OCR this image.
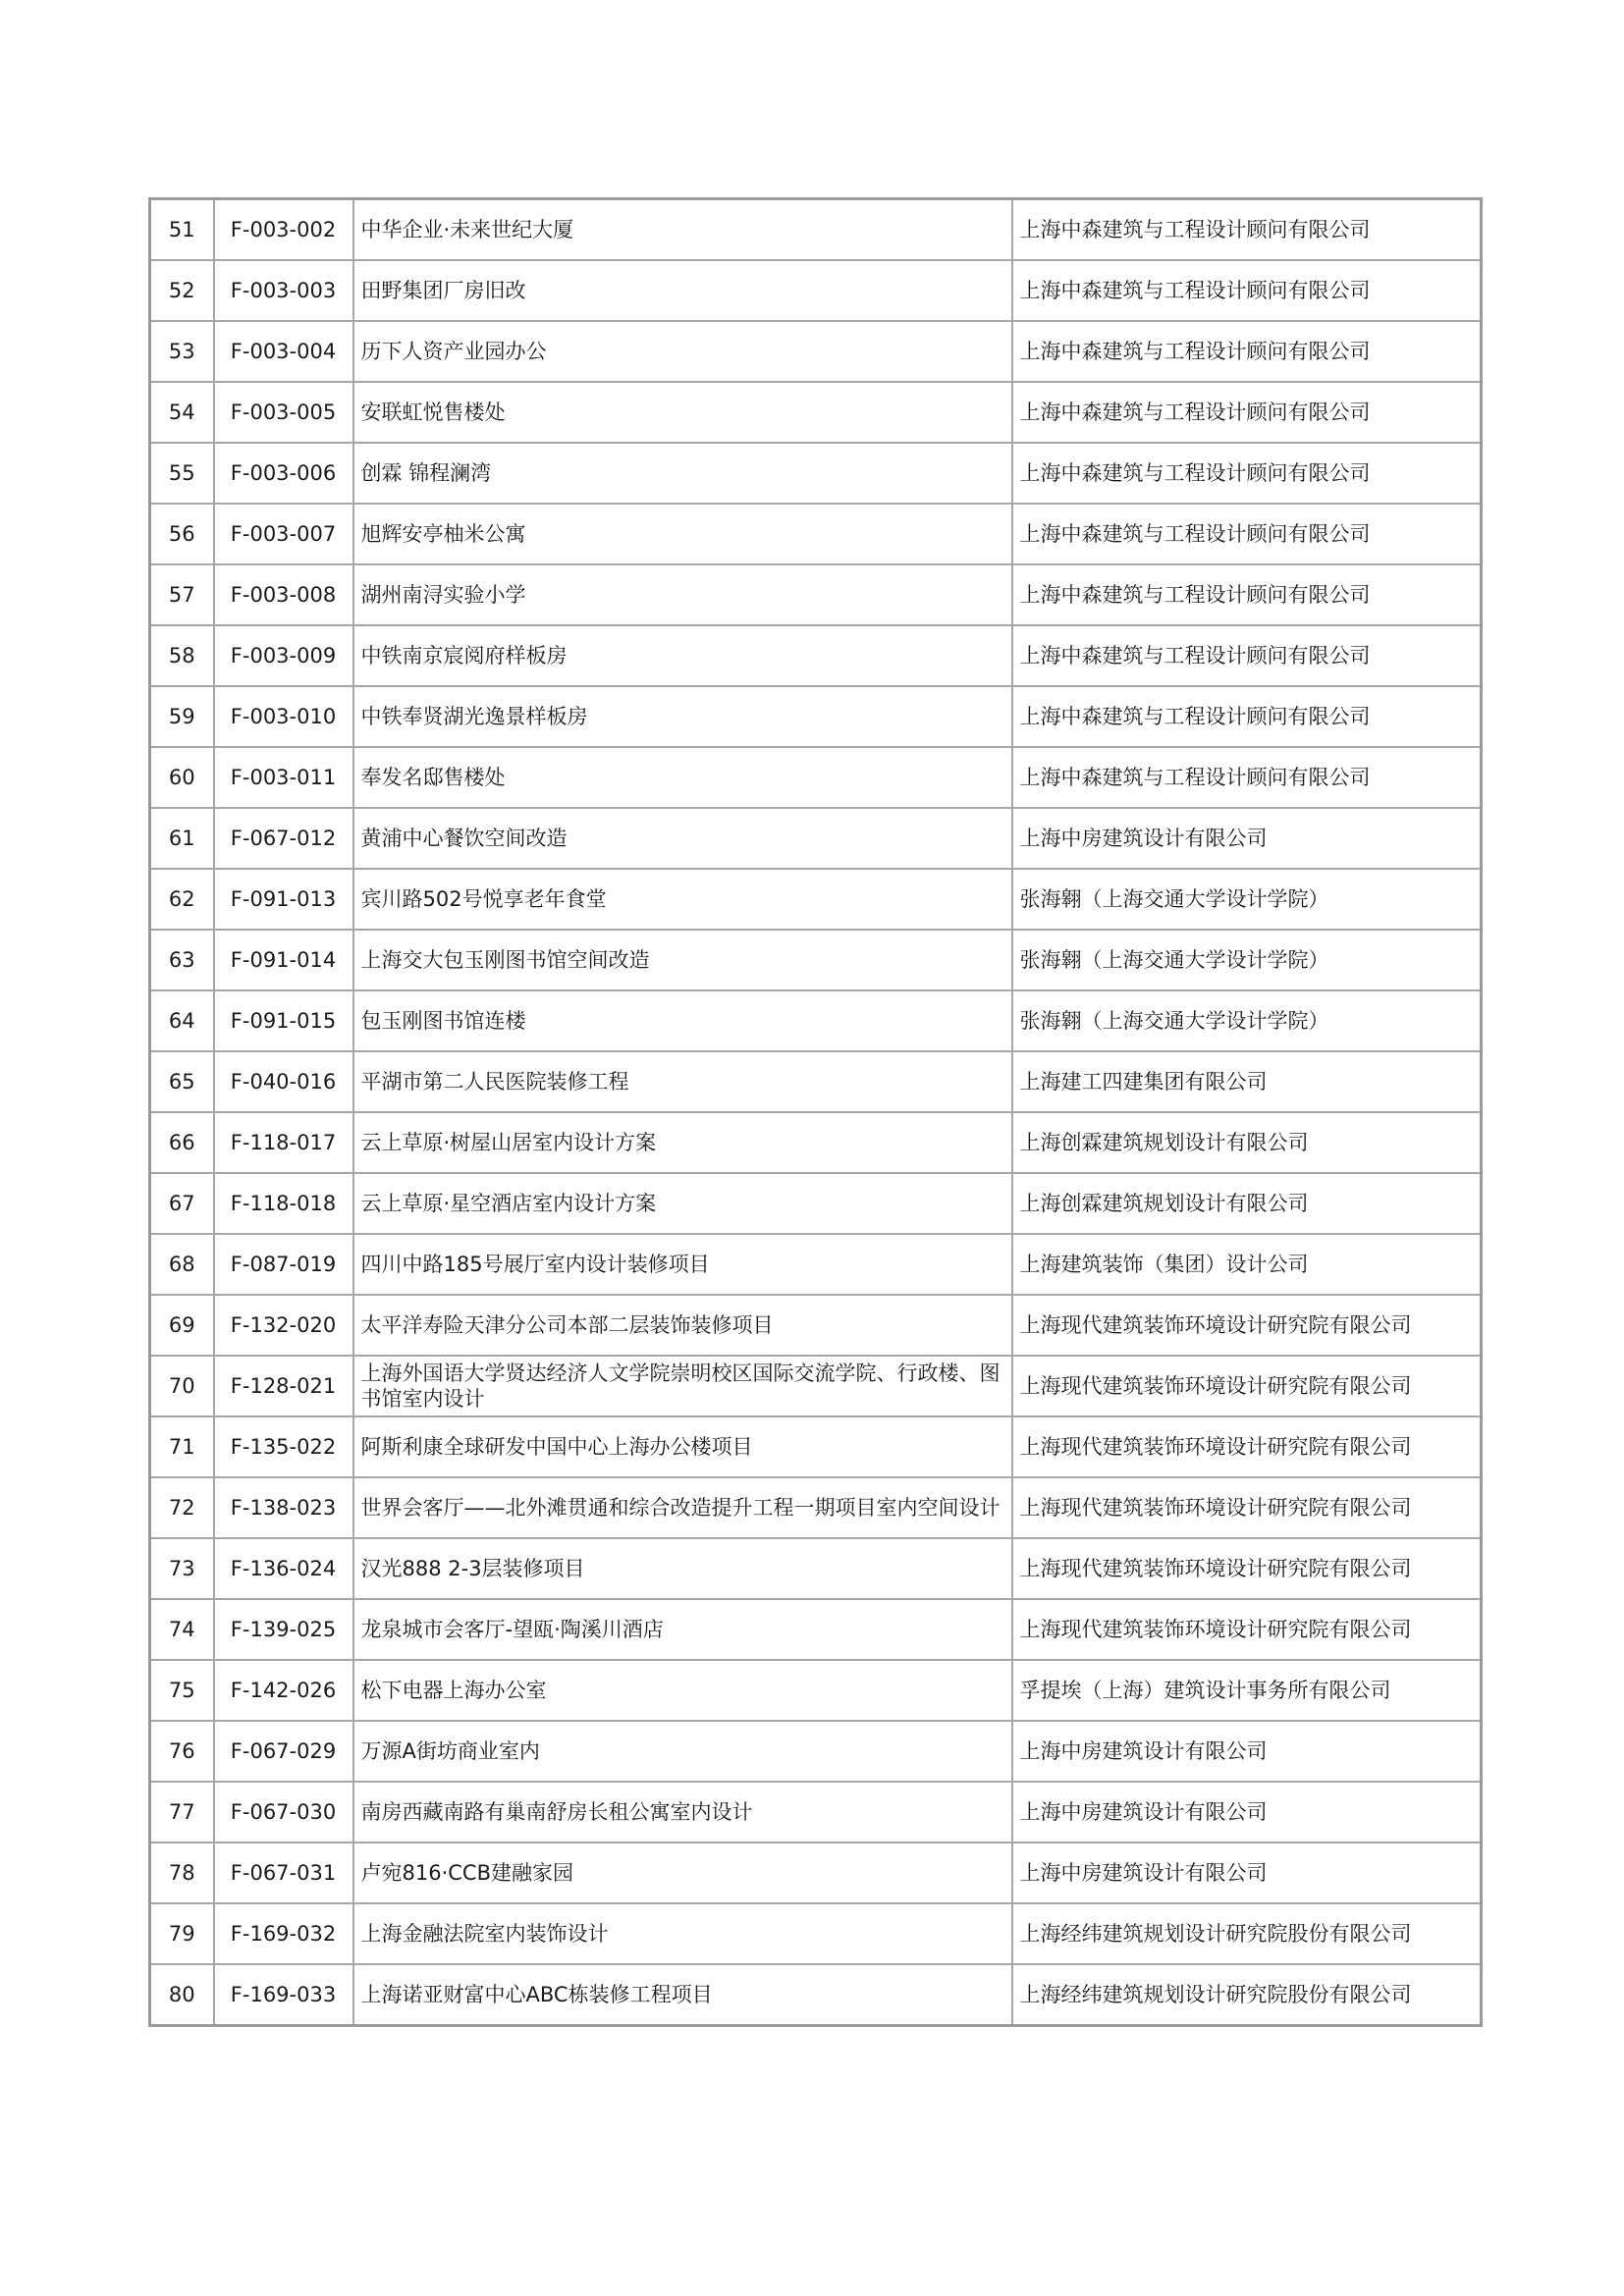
51	F-003-002	中华企业·未来世纪大厦	上海中森建筑与工程设计顾问有限公司
52	F-003-003	田野集团厂房旧改	上海中森建筑与工程设计顾问有限公司
53	F-003-004	历下人资产业园办公	上海中森建筑与工程设计顾问有限公司
54	F-003-005	安联虹悦售楼处	上海中森建筑与工程设计顾问有限公司
55	F-003-006	创霖 锦程澜湾	上海中森建筑与工程设计顾问有限公司
56	F-003-007	旭辉安亭柚米公寓	上海中森建筑与工程设计顾问有限公司
57	F-003-008	湖州南浔实验小学	上海中森建筑与工程设计顾问有限公司
58	F-003-009	中铁南京宸阅府样板房	上海中森建筑与工程设计顾问有限公司
59	F-003-010	中铁奉贤湖光逸景样板房	上海中森建筑与工程设计顾问有限公司
60	F-003-011	奉发名邸售楼处	上海中森建筑与工程设计顾问有限公司
61	F-067-012	黄浦中心餐饮空间改造	上海中房建筑设计有限公司
62	F-091-013	宾川路502号悦享老年食堂	张海翱（上海交通大学设计学院）
63	F-091-014	上海交大包玉刚图书馆空间改造	张海翱（上海交通大学设计学院）
64	F-091-015	包玉刚图书馆连楼	张海翱（上海交通大学设计学院）
65	F-040-016	平湖市第二人民医院装修工程	上海建工四建集团有限公司
66	F-118-017	云上草原·树屋山居室内设计方案	上海创霖建筑规划设计有限公司
67	F-118-018	云上草原·星空酒店室内设计方案	上海创霖建筑规划设计有限公司
68	F-087-019	四川中路185号展厅室内设计装修项目	上海建筑装饰（集团）设计公司
69	F-132-020	太平洋寿险天津分公司本部二层装饰装修项目	上海现代建筑装饰环境设计研究院有限公司
70	F-128-021	上海外国语大学贤达经济人文学院崇明校区国际交流学院、行政楼、图书馆室内设计	上海现代建筑装饰环境设计研究院有限公司
71	F-135-022	阿斯利康全球研发中国中心上海办公楼项目	上海现代建筑装饰环境设计研究院有限公司
72	F-138-023	世界会客厅——北外滩贯通和综合改造提升工程一期项目室内空间设计	上海现代建筑装饰环境设计研究院有限公司
73	F-136-024	汉光888 2-3层装修项目	上海现代建筑装饰环境设计研究院有限公司
74	F-139-025	龙泉城市会客厅-望瓯·陶溪川酒店	上海现代建筑装饰环境设计研究院有限公司
75	F-142-026	松下电器上海办公室	孚提埃（上海）建筑设计事务所有限公司
76	F-067-029	万源A街坊商业室内	上海中房建筑设计有限公司
77	F-067-030	南房西藏南路有巢南舒房长租公寓室内设计	上海中房建筑设计有限公司
78	F-067-031	卢宛816·CCB建融家园	上海中房建筑设计有限公司
79	F-169-032	上海金融法院室内装饰设计	上海经纬建筑规划设计研究院股份有限公司
80	F-169-033	上海诺亚财富中心ABC栋装修工程项目	上海经纬建筑规划设计研究院股份有限公司
